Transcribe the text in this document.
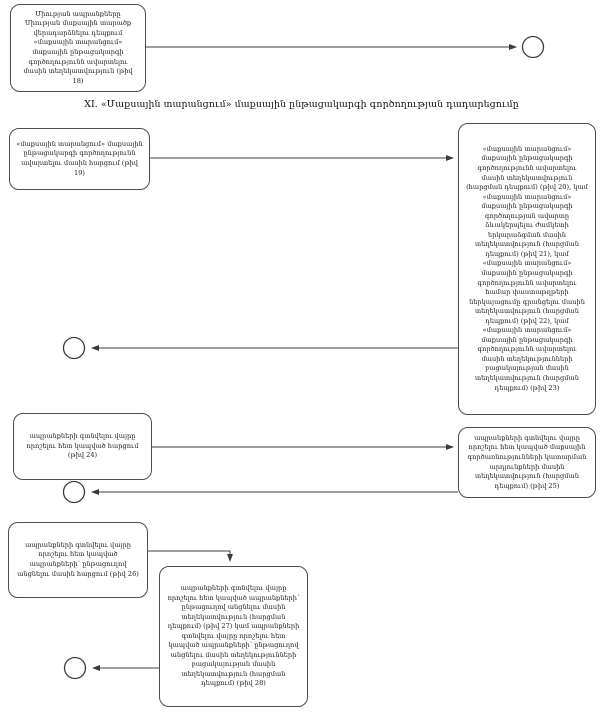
Միության ապրանքները Միության մաքսային տարածք վերադարձնելու դեպքում «մաքսային տարանցում» մաքսային ընթացակարգի գործողությունն ավարտելու մասին տեղեկատվություն (թիվ 18)
XI. «Մաքսային տարանցում» մաքսային ընթացակարգի գործողության դադարեցումը
«մաքսային տարանցում» մաքսային ընթացակարգի գործողությունն ավարտելու մասին հարցում (թիվ 19)
«մաքսային տարանցում» մաքսային ընթացակարգի գործողությունն ավարտելու մասին տեղեկատվություն (հարցման դեպքում) (թիվ 20), կամ «մաքսային տարանցում» մաքսային ընթացակարգի գործողության ավարտը ձևակերպելու ժամկետի երկարաձգման մասին տեղեկատվություն (հարցման դեպքում) (թիվ 21), կամ «մաքսային տարանցում» մաքսային ընթացակարգի գործողությունն ավարտելու համար փաստաթղթերի ներկայացումը գրանցելու մասին տեղեկատվություն (հարցման դեպքում) (թիվ 22), կամ «մաքսային տարանցում» մաքսային ընթացակարգի գործողությունն ավարտելու մասին տեղեկությունների բացակայության մասին տեղեկատվություն (հարցման դեպքում) (թիվ 23)
ապրանքների գտնվելու վայրը որոշելու հետ կապված հարցում (թիվ 24)
ապրանքների գտնվելու վայրը որոշելու հետ կապված մաքսային գործառնությունների կատարման արդյունքների մասին տեղեկատվություն (հարցման դեպքում) (թիվ 25)
ապրանքների գտնվելու վայրը որոշելու հետ կապված ապրանքների՝ ընթացուղով անցնելու մասին հարցում (թիվ 26)
ապրանքների գտնվելու վայրը որոշելու հետ կապված ապրանքների՝ ընթացուղով անցնելու մասին տեղեկատվություն (հարցման դեպքում) (թիվ 27) կամ ապրանքների գտնվելու վայրը որոշելու հետ կապված ապրանքների՝ ընթացուղով անցնելու մասին տեղեկությունների բացակայության մասին տեղեկատվություն (հարցման դեպքում) (թիվ 28)
